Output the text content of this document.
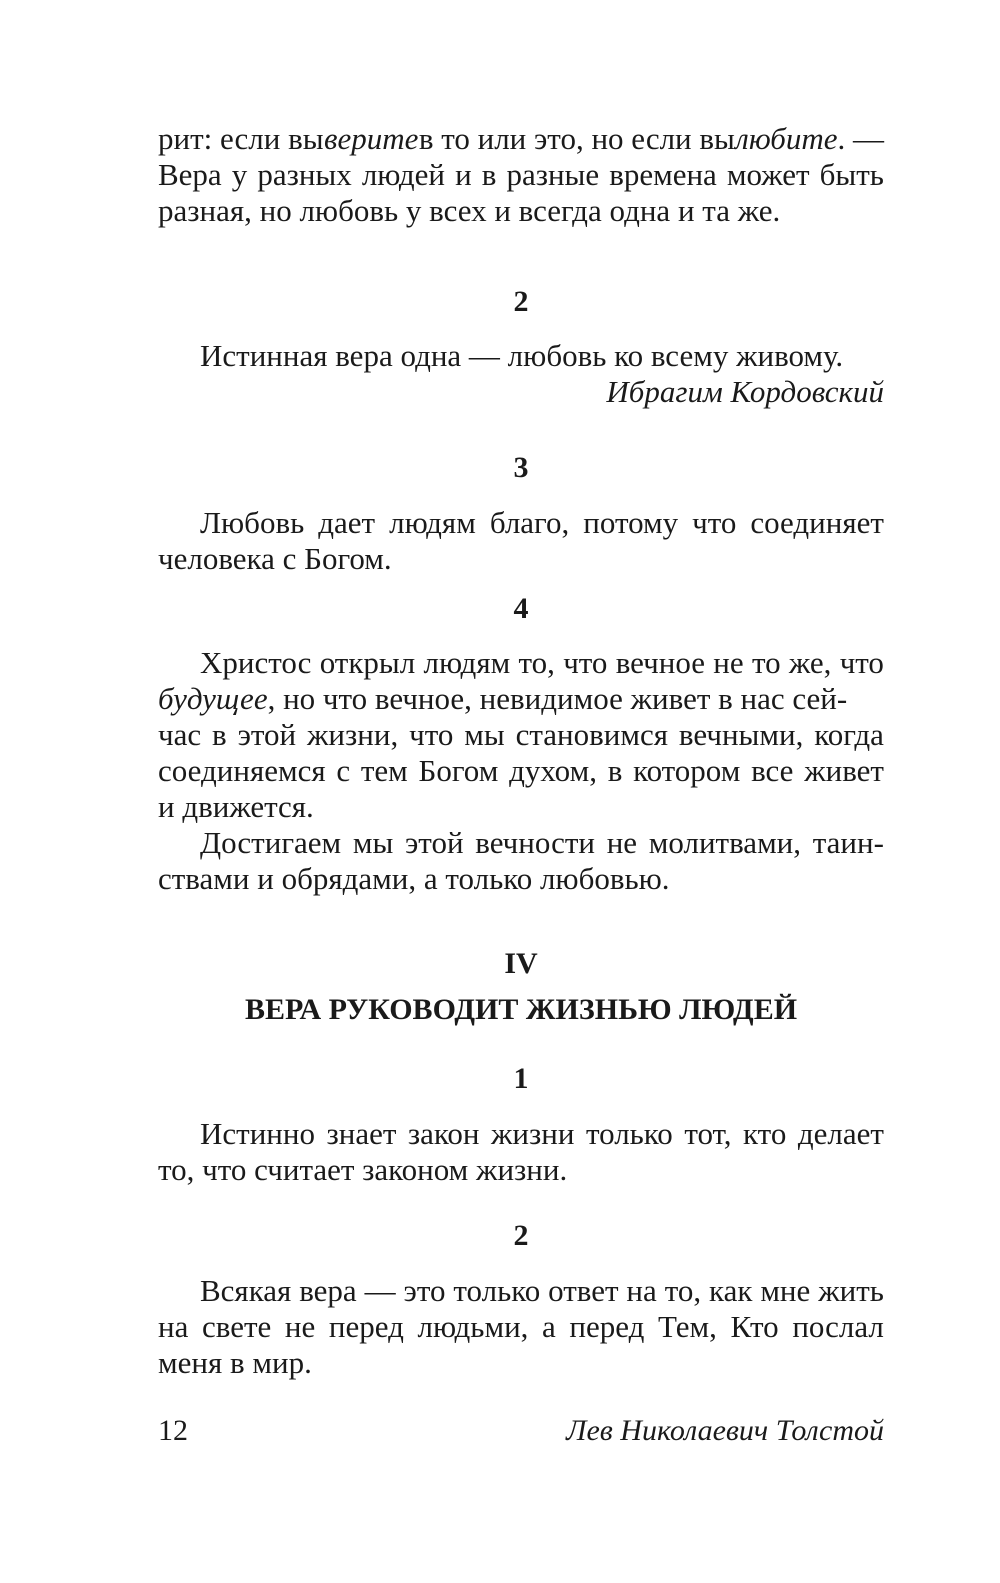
рит: если вы верите в то или это, но если вы любите. —
Вера у разных людей и в разные времена может быть
разная, но любовь у всех и всегда одна и та же.
2
Истинная вера одна — любовь ко всему живому.
Ибрагим Кордовский
3
Любовь дает людям благо, потому что соединяет
человека с Богом.
4
Христос открыл людям то, что вечное не то же, что
будущее , но что вечное, невидимое живет в нас сей-
час в этой жизни, что мы становимся вечными, когда
соединяемся с тем Богом духом, в котором все живет
и движется.
Достигаем мы этой вечности не молитвами, таин-
ствами и обрядами, а только любовью.
IV
ВЕРА РУКОВОДИТ ЖИЗНЬЮ ЛЮДЕЙ
1
Истинно знает закон жизни только тот, кто делает
то, что считает законом жизни.
2
Всякая вера — это только ответ на то, как мне жить
на свете не перед людьми, а перед Тем, Кто послал
меня в мир.
12	Лев Николаевич Толстой
